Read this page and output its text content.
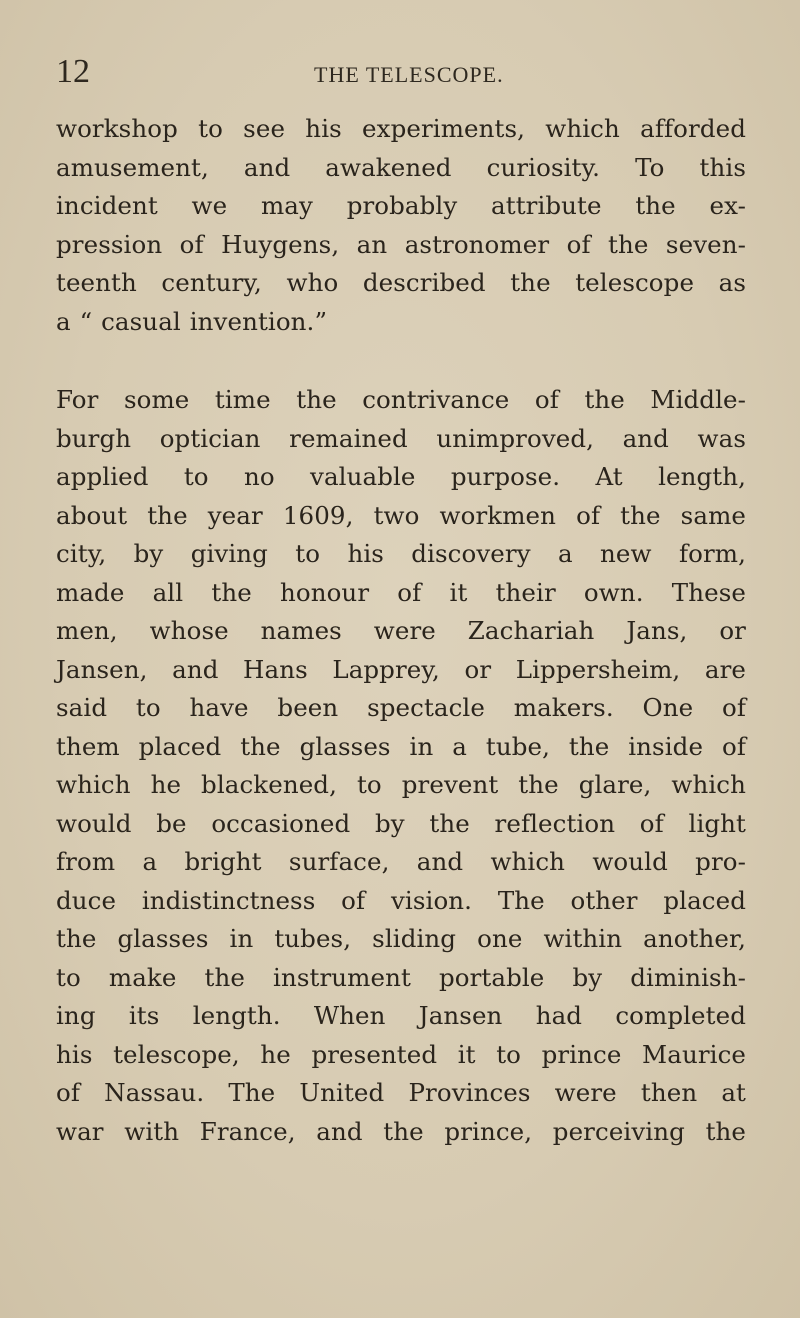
12	THE TELESCOPE.

workshop to see his experiments, which afforded
amusement, and awakened curiosity. To this
incident we may probably attribute the ex-
pression of Huygens, an astronomer of the seven-
teenth century, who described the telescope as
a “ casual invention.”

For some time the contrivance of the Middle-
burgh optician remained unimproved, and was
applied to no valuable purpose. At length,
about the year 1609, two workmen of the same
city, by giving to his discovery a new form,
made all the honour of it their own. These
men, whose names were Zachariah Jans, or
Jansen, and Hans Lapprey, or Lippersheim, are
said to have been spectacle makers. One of
them placed the glasses in a tube, the inside of
which he blackened, to prevent the glare, which
would be occasioned by the reflection of light
from a bright surface, and which would pro-
duce indistinctness of vision. The other placed
the glasses in tubes, sliding one within another,
to make the instrument portable by diminish-
ing its length. When Jansen had completed
his telescope, he presented it to prince Maurice
of Nassau. The United Provinces were then at
war with France, and the prince, perceiving the
